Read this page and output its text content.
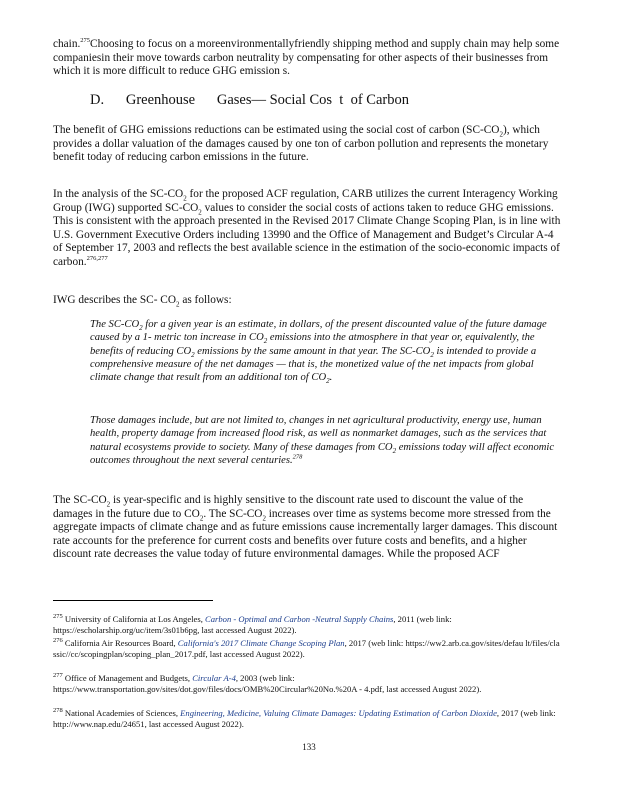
chain.$^{275}$Choosing to focus on a moreenvironmentallyfriendly shipping method and supply chain may help some companiesin their move towards carbon neutrality by compensating for other aspects of their businesses from which it is more difficult to reduce GHG emission s.

D. Greenhouse      Gases— Social Cos  t  of Carbon

The benefit of GHG emissions reductions can be estimated using the social cost of carbon $(SC-CO_2)$, which provides a dollar valuation of the damages caused by one ton of carbon pollution and represents the monetary benefit today of reducing carbon emissions in the future.

In the analysis of the $SC-CO_2$ for the proposed ACF regulation, CARB utilizes the current Interagency Working Group (IWG) supported $SC-CO_2$ values to consider the social costs of actions taken to reduce GHG emissions. This is consistent with the approach presented in the Revised 2017 Climate Change Scoping Plan, is in line with U.S. Government Executive Orders including 13990 and the Office of Management and Budget’s Circular A-4 of September 17, 2003 and reflects the best available science in the estimation of the socio-economic impacts of carbon.$^{276,277}$

IWG describes the SC- $CO_2$ as follows:

The $SC-CO_2$ for a given year is an estimate, in dollars, of the present discounted value of the future damage caused by a 1- metric ton increase in $CO_2$ emissions into the atmosphere in that year or, equivalently, the benefits of reducing $CO_2$ emissions by the same amount in that year. The $SC-CO_2$ is intended to provide a comprehensive measure of the net damages — that is, the monetized value of the net impacts from global climate change that result from an additional ton of $CO_2$.

Those damages include, but are not limited to, changes in net agricultural productivity, energy use, human health, property damage from increased flood risk, as well as nonmarket damages, such as the services that natural ecosystems provide to society. Many of these damages from $CO_2$ emissions today will affect economic outcomes throughout the next several centuries.$^{278}$

The $SC-CO_2$ is year-specific and is highly sensitive to the discount rate used to discount the value of the damages in the future due to $CO_2$. The $SC-CO_2$ increases over time as systems become more stressed from the aggregate impacts of climate change and as future emissions cause incrementally larger damages. This discount rate accounts for the preference for current costs and benefits over future costs and benefits, and a higher discount rate decreases the value today of future environmental damages. While the proposed ACF

$^{275}$ University of California at Los Angeles, Carbon - Optimal and Carbon -Neutral Supply Chains, 2011 (web link: https://escholarship.org/uc/item/3s01b6pg, last accessed August 2022).

$^{276}$ California Air Resources Board, California's 2017 Climate Change Scoping Plan, 2017 (web link: https://ww2.arb.ca.gov/sites/defau lt/files/cla ssic//cc/scopingplan/scoping_plan_2017.pdf, last accessed August 2022).

$^{277}$ Office of Management and Budgets, Circular A-4, 2003 (web link: https://www.transportation.gov/sites/dot.gov/files/docs/OMB%20Circular%20No.%20A - 4.pdf, last accessed August 2022).

$^{278}$ National Academies of Sciences, Engineering, Medicine, Valuing Climate Damages: Updating Estimation of Carbon Dioxide, 2017 (web link: http://www.nap.edu/24651, last accessed August 2022).

133
